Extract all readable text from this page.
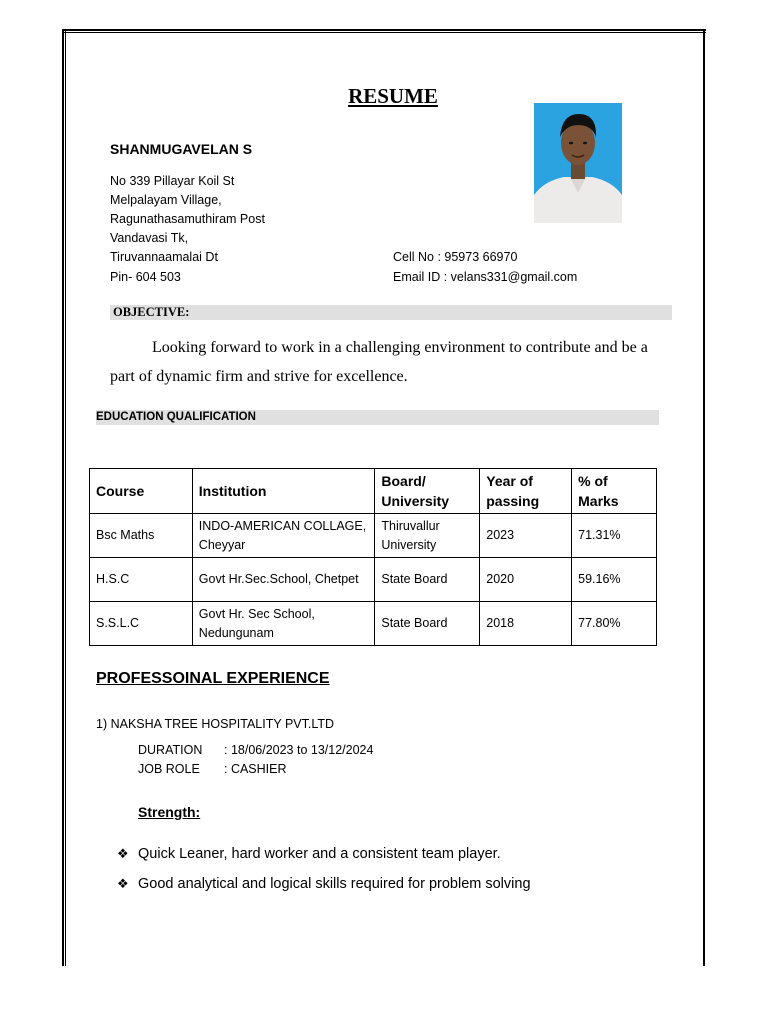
RESUME
SHANMUGAVELAN S
No 339 Pillayar Koil St
Melpalayam Village,
Ragunathasamuthiram Post
Vandavasi Tk,
Tiruvannaamalai Dt
Pin- 604 503
Cell No : 95973 66970
Email ID : velans331@gmail.com
OBJECTIVE:
Looking forward to work in a challenging environment to contribute and be a part of dynamic firm and strive for excellence.
EDUCATION QUALIFICATION
Course	Institution	Board/ University	Year of passing	% of Marks
Bsc Maths	INDO-AMERICAN COLLAGE, Cheyyar	Thiruvallur University	2023	71.31%
H.S.C	Govt Hr.Sec.School, Chetpet	State Board	2020	59.16%
S.S.L.C	Govt Hr. Sec School, Nedungunam	State Board	2018	77.80%
PROFESSOINAL EXPERIENCE
1) NAKSHA TREE HOSPITALITY PVT.LTD
DURATION : 18/06/2023 to 13/12/2024
JOB ROLE : CASHIER
Strength:
❖ Quick Leaner, hard worker and a consistent team player.
❖ Good analytical and logical skills required for problem solving
